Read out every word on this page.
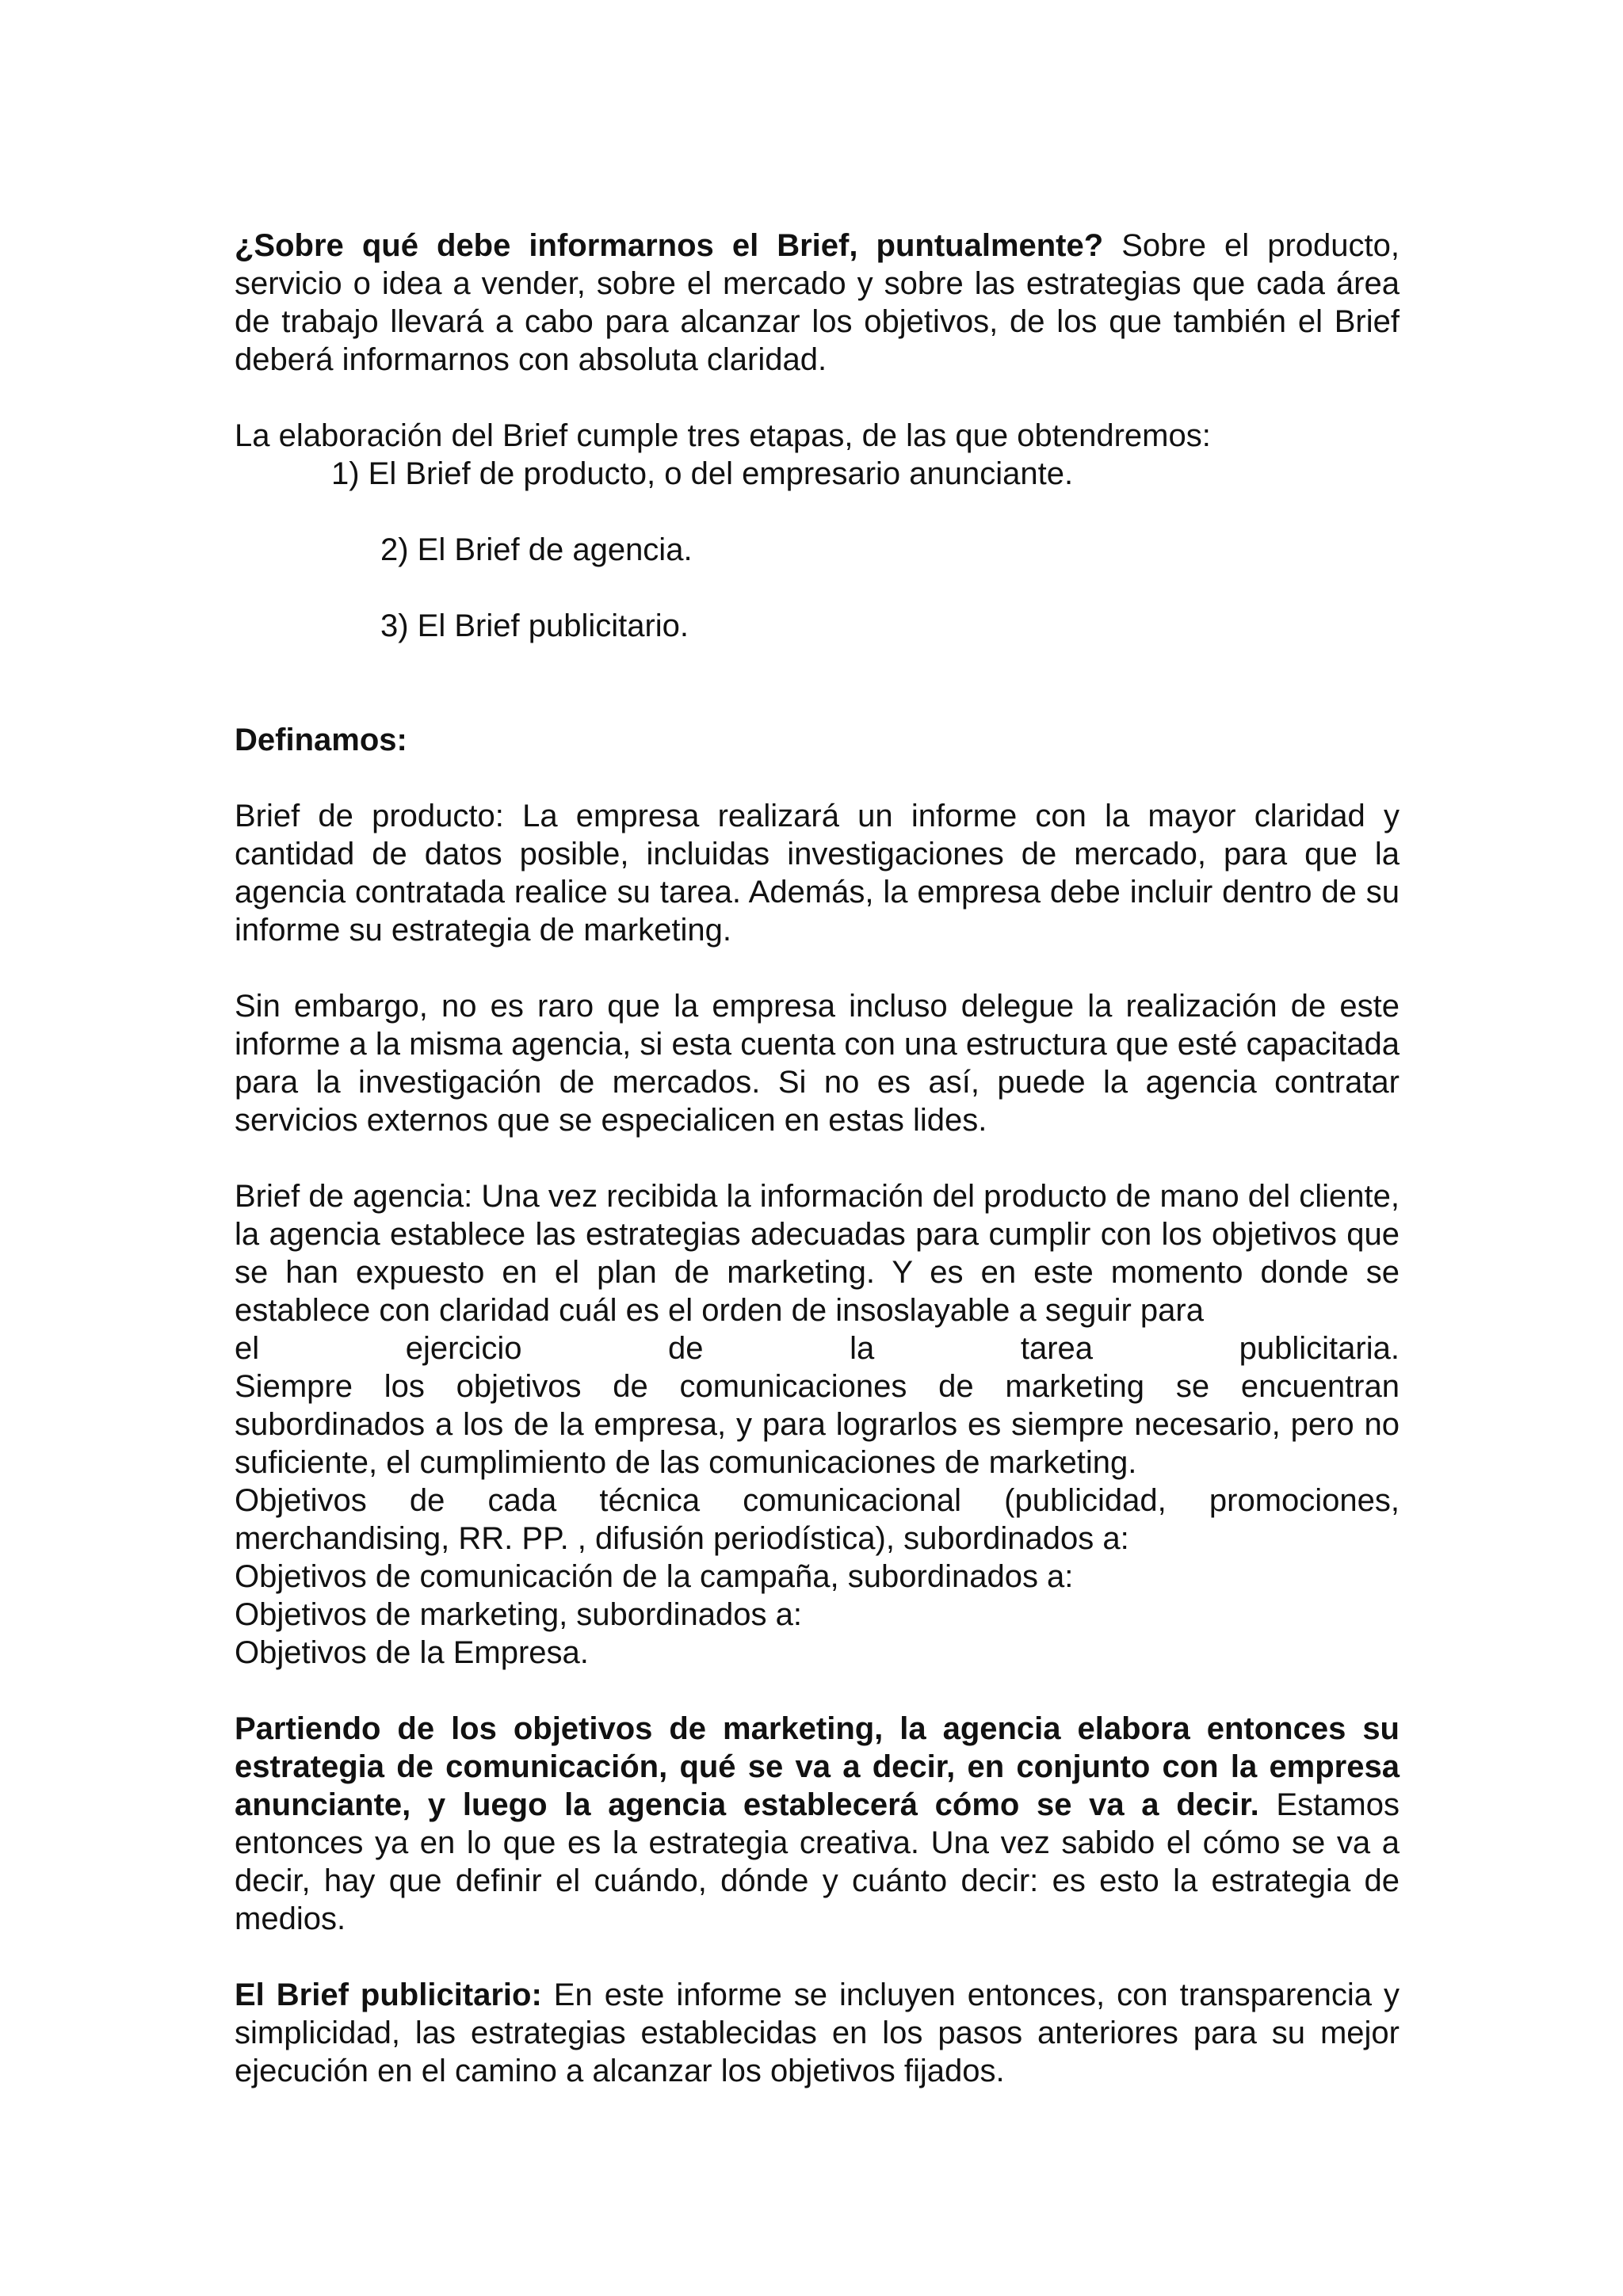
¿Sobre qué debe informarnos el Brief, puntualmente? Sobre el producto, servicio o idea a vender, sobre el mercado y sobre las estrategias que cada área de trabajo llevará a cabo para alcanzar los objetivos, de los que también el Brief deberá informarnos con absoluta claridad.

La elaboración del Brief cumple tres etapas, de las que obtendremos:

1) El Brief de producto, o del empresario anunciante.

2) El Brief de agencia.

3) El Brief publicitario.

Definamos:

Brief de producto: La empresa realizará un informe con la mayor claridad y cantidad de datos posible, incluidas investigaciones de mercado, para que la agencia contratada realice su tarea. Además, la empresa debe incluir dentro de su informe su estrategia de marketing.

Sin embargo, no es raro que la empresa incluso delegue la realización de este informe a la misma agencia, si esta cuenta con una estructura que esté capacitada para la investigación de mercados. Si no es así, puede la agencia contratar servicios externos que se especialicen en estas lides.

Brief de agencia: Una vez recibida la información del producto de mano del cliente, la agencia establece las estrategias adecuadas para cumplir con los objetivos que se han expuesto en el plan de marketing. Y es en este momento donde se establece con claridad cuál es el orden de insoslayable a seguir para

el	ejercicio	de	la	tarea	publicitaria.

Siempre los objetivos de comunicaciones de marketing se encuentran subordinados a los de la empresa, y para lograrlos es siempre necesario, pero no suficiente, el cumplimiento de las comunicaciones de marketing.

Objetivos de cada técnica comunicacional (publicidad, promociones, merchandising, RR. PP. , difusión periodística), subordinados a:

Objetivos de comunicación de la campaña, subordinados a:

Objetivos de marketing, subordinados a:

Objetivos de la Empresa.

Partiendo de los objetivos de marketing, la agencia elabora entonces su estrategia de comunicación, qué se va a decir, en conjunto con la empresa anunciante, y luego la agencia establecerá cómo se va a decir. Estamos entonces ya en lo que es la estrategia creativa. Una vez sabido el cómo se va a decir, hay que definir el cuándo, dónde y cuánto decir: es esto la estrategia de medios.

El Brief publicitario: En este informe se incluyen entonces, con transparencia y simplicidad, las estrategias establecidas en los pasos anteriores para su mejor ejecución en el camino a alcanzar los objetivos fijados.
